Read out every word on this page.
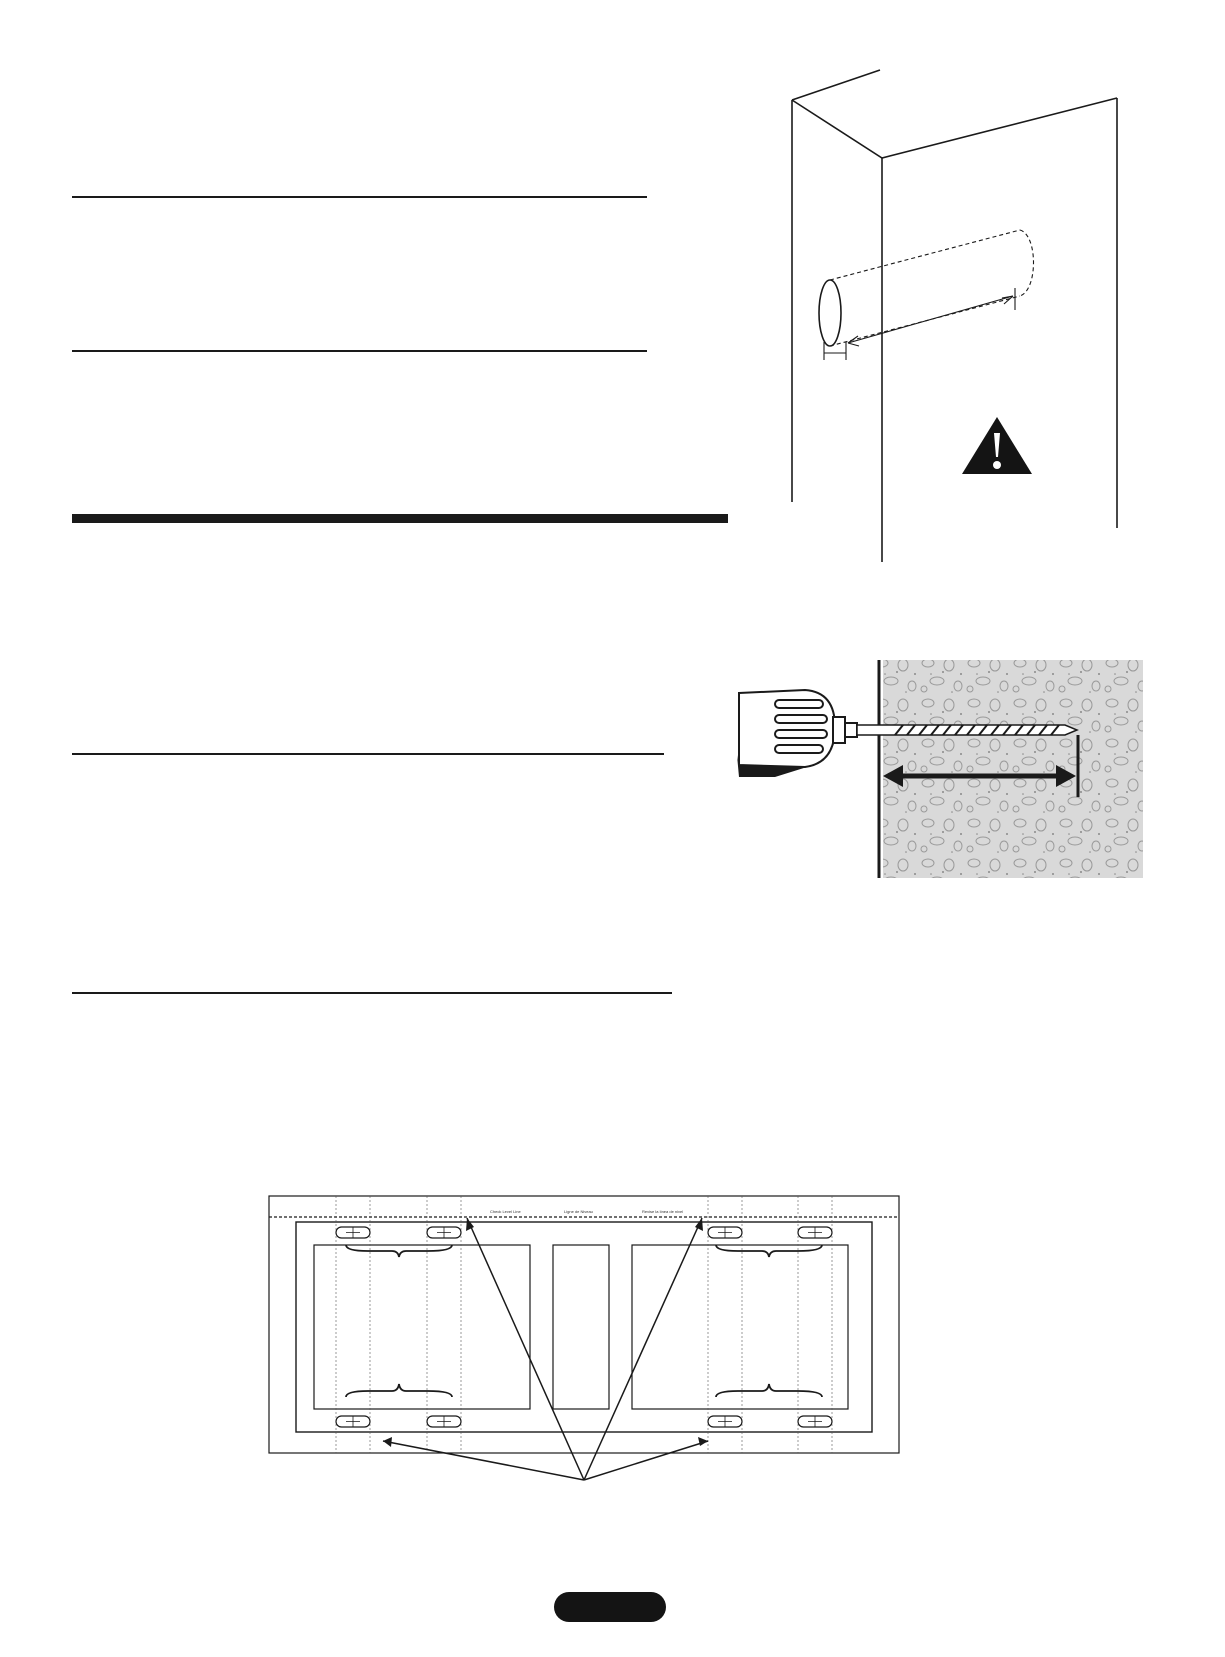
Check Level Line	Ligne de Niveau	Revise la línea de nivel
